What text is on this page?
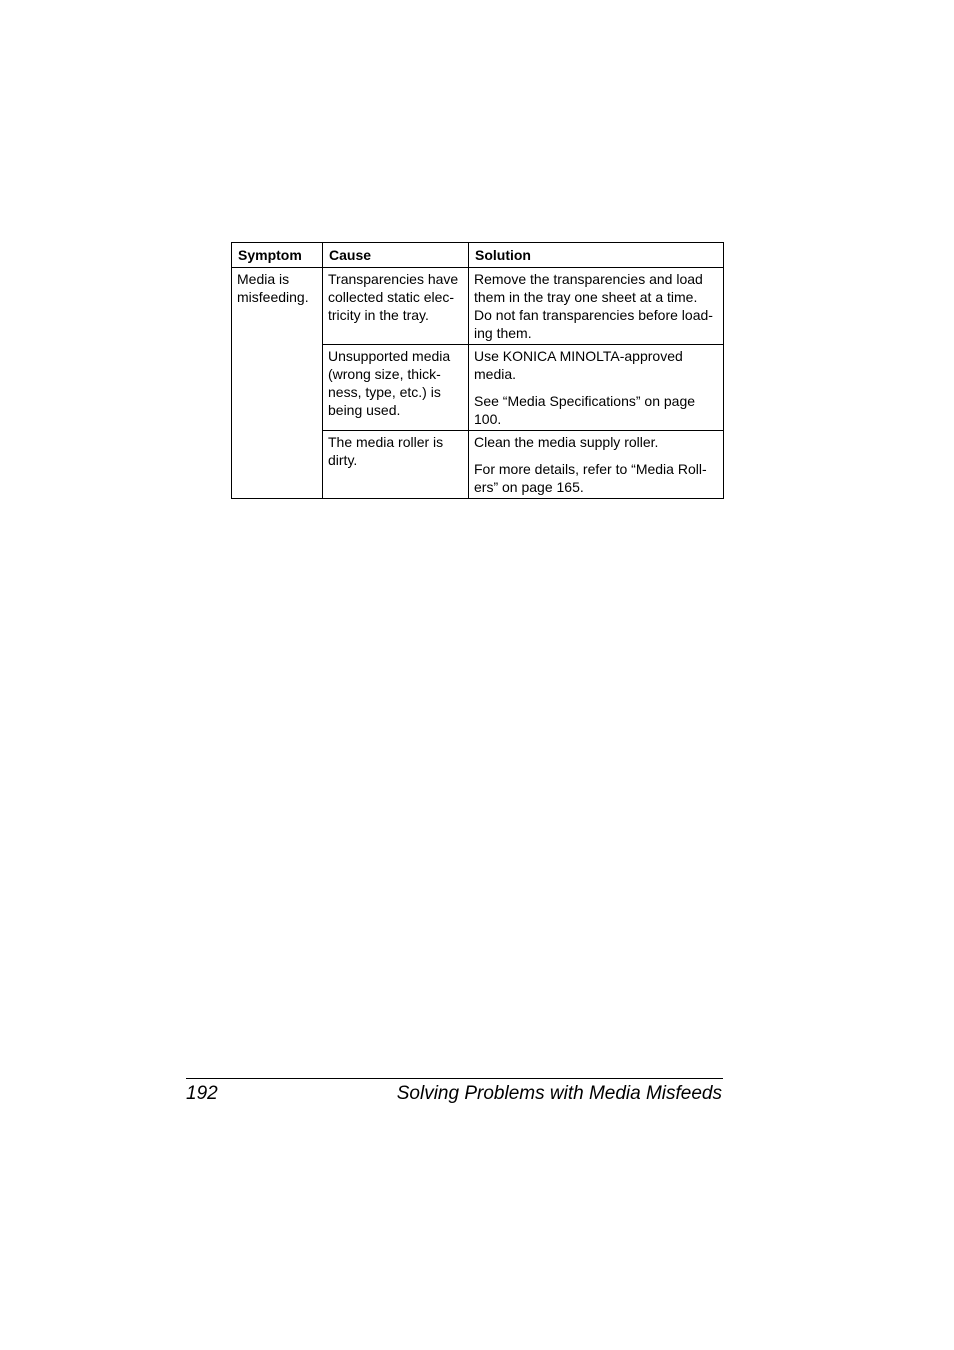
Symptom	Cause	Solution

Media is misfeeding.	Transparencies have collected static elec-tricity in the tray.	Remove the transparencies and load them in the tray one sheet at a time. Do not fan transparencies before load-ing them.

	Unsupported media (wrong size, thick-ness, type, etc.) is being used.	Use KONICA MINOLTA-approved media.

See “Media Specifications” on page 100.

	The media roller is dirty.	Clean the media supply roller.

For more details, refer to “Media Roll-ers” on page 165.

192	Solving Problems with Media Misfeeds
